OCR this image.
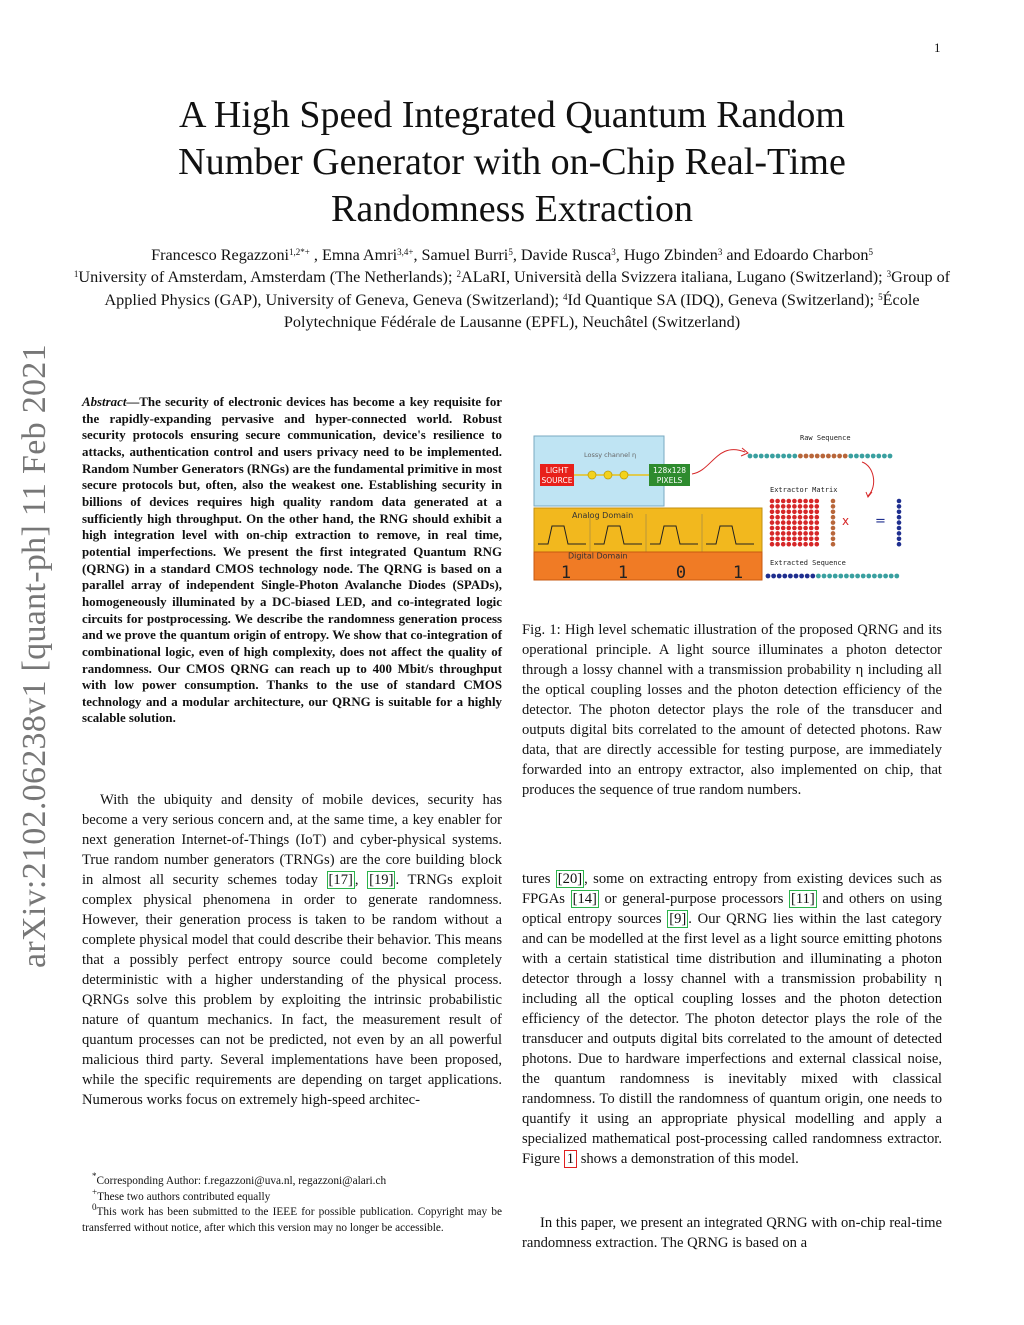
1
arXiv:2102.06238v1 [quant-ph] 11 Feb 2021
A High Speed Integrated Quantum Random Number Generator with on-Chip Real-Time Randomness Extraction
Francesco Regazzoni$^{1,2*+}$ , Emna Amri$^{3,4+}$, Samuel Burri$^5$, Davide Rusca$^3$, Hugo Zbinden$^3$ and Edoardo Charbon$^5$
$^1$University of Amsterdam, Amsterdam (The Netherlands); $^2$ALaRI, Università della Svizzera italiana, Lugano (Switzerland); $^3$Group of Applied Physics (GAP), University of Geneva, Geneva (Switzerland); $^4$Id Quantique SA (IDQ), Geneva (Switzerland); $^5$École Polytechnique Fédérale de Lausanne (EPFL), Neuchâtel (Switzerland)
Abstract—The security of electronic devices has become a key requisite for the rapidly-expanding pervasive and hyper-connected world. Robust security protocols ensuring secure communication, device's resilience to attacks, authentication control and users privacy need to be implemented. Random Number Generators (RNGs) are the fundamental primitive in most secure protocols but, often, also the weakest one. Establishing security in billions of devices requires high quality random data generated at a sufficiently high throughput. On the other hand, the RNG should exhibit a high integration level with on-chip extraction to remove, in real time, potential imperfections. We present the first integrated Quantum RNG (QRNG) in a standard CMOS technology node. The QRNG is based on a parallel array of independent Single-Photon Avalanche Diodes (SPADs), homogeneously illuminated by a DC-biased LED, and co-integrated logic circuits for postprocessing. We describe the randomness generation process and we prove the quantum origin of entropy. We show that co-integration of combinational logic, even of high complexity, does not affect the quality of randomness. Our CMOS QRNG can reach up to 400 Mbit/s throughput with low power consumption. Thanks to the use of standard CMOS technology and a modular architecture, our QRNG is suitable for a highly scalable solution.
With the ubiquity and density of mobile devices, security has become a very serious concern and, at the same time, a key enabler for next generation Internet-of-Things (IoT) and cyber-physical systems. True random number generators (TRNGs) are the core building block in almost all security schemes today [17] , [19] . TRNGs exploit complex physical phenomena in order to generate randomness. However, their generation process is taken to be random without a complete physical model that could describe their behavior. This means that a possibly perfect entropy source could become completely deterministic with a higher understanding of the physical process. QRNGs solve this problem by exploiting the intrinsic probabilistic nature of quantum mechanics. In fact, the measurement result of quantum processes can not be predicted, not even by an all powerful malicious third party. Several implementations have been proposed, while the specific requirements are depending on target applications. Numerous works focus on extremely high-speed architec-
*Corresponding Author: f.regazzoni@uva.nl, regazzoni@alari.ch
+These two authors contributed equally
$^0$This work has been submitted to the IEEE for possible publication. Copyright may be transferred without notice, after which this version may no longer be accessible.
Lossy channel η
LIGHT
SOURCE
128x128
PIXELS
Analog Domain
Digital Domain
1	1	0	1
Raw Sequence
Extractor Matrix
x =
Extracted Sequence
Fig. 1: High level schematic illustration of the proposed QRNG and its operational principle. A light source illuminates a photon detector through a lossy channel with a transmission probability η including all the optical coupling losses and the photon detection efficiency of the detector. The photon detector plays the role of the transducer and outputs digital bits correlated to the amount of detected photons. Raw data, that are directly accessible for testing purpose, are immediately forwarded into an entropy extractor, also implemented on chip, that produces the sequence of true random numbers.
tures [20] , some on extracting entropy from existing devices such as FPGAs [14] or general-purpose processors [11] and others on using optical entropy sources [9] . Our QRNG lies within the last category and can be modelled at the first level as a light source emitting photons with a certain statistical time distribution and illuminating a photon detector through a lossy channel with a transmission probability η including all the optical coupling losses and the photon detection efficiency of the detector. The photon detector plays the role of the transducer and outputs digital bits correlated to the amount of detected photons. Due to hardware imperfections and external classical noise, the quantum randomness is inevitably mixed with classical randomness. To distill the randomness of quantum origin, one needs to quantify it using an appropriate physical modelling and apply a specialized mathematical post-processing called randomness extractor. Figure 1 shows a demonstration of this model.
In this paper, we present an integrated QRNG with on-chip real-time randomness extraction. The QRNG is based on a
